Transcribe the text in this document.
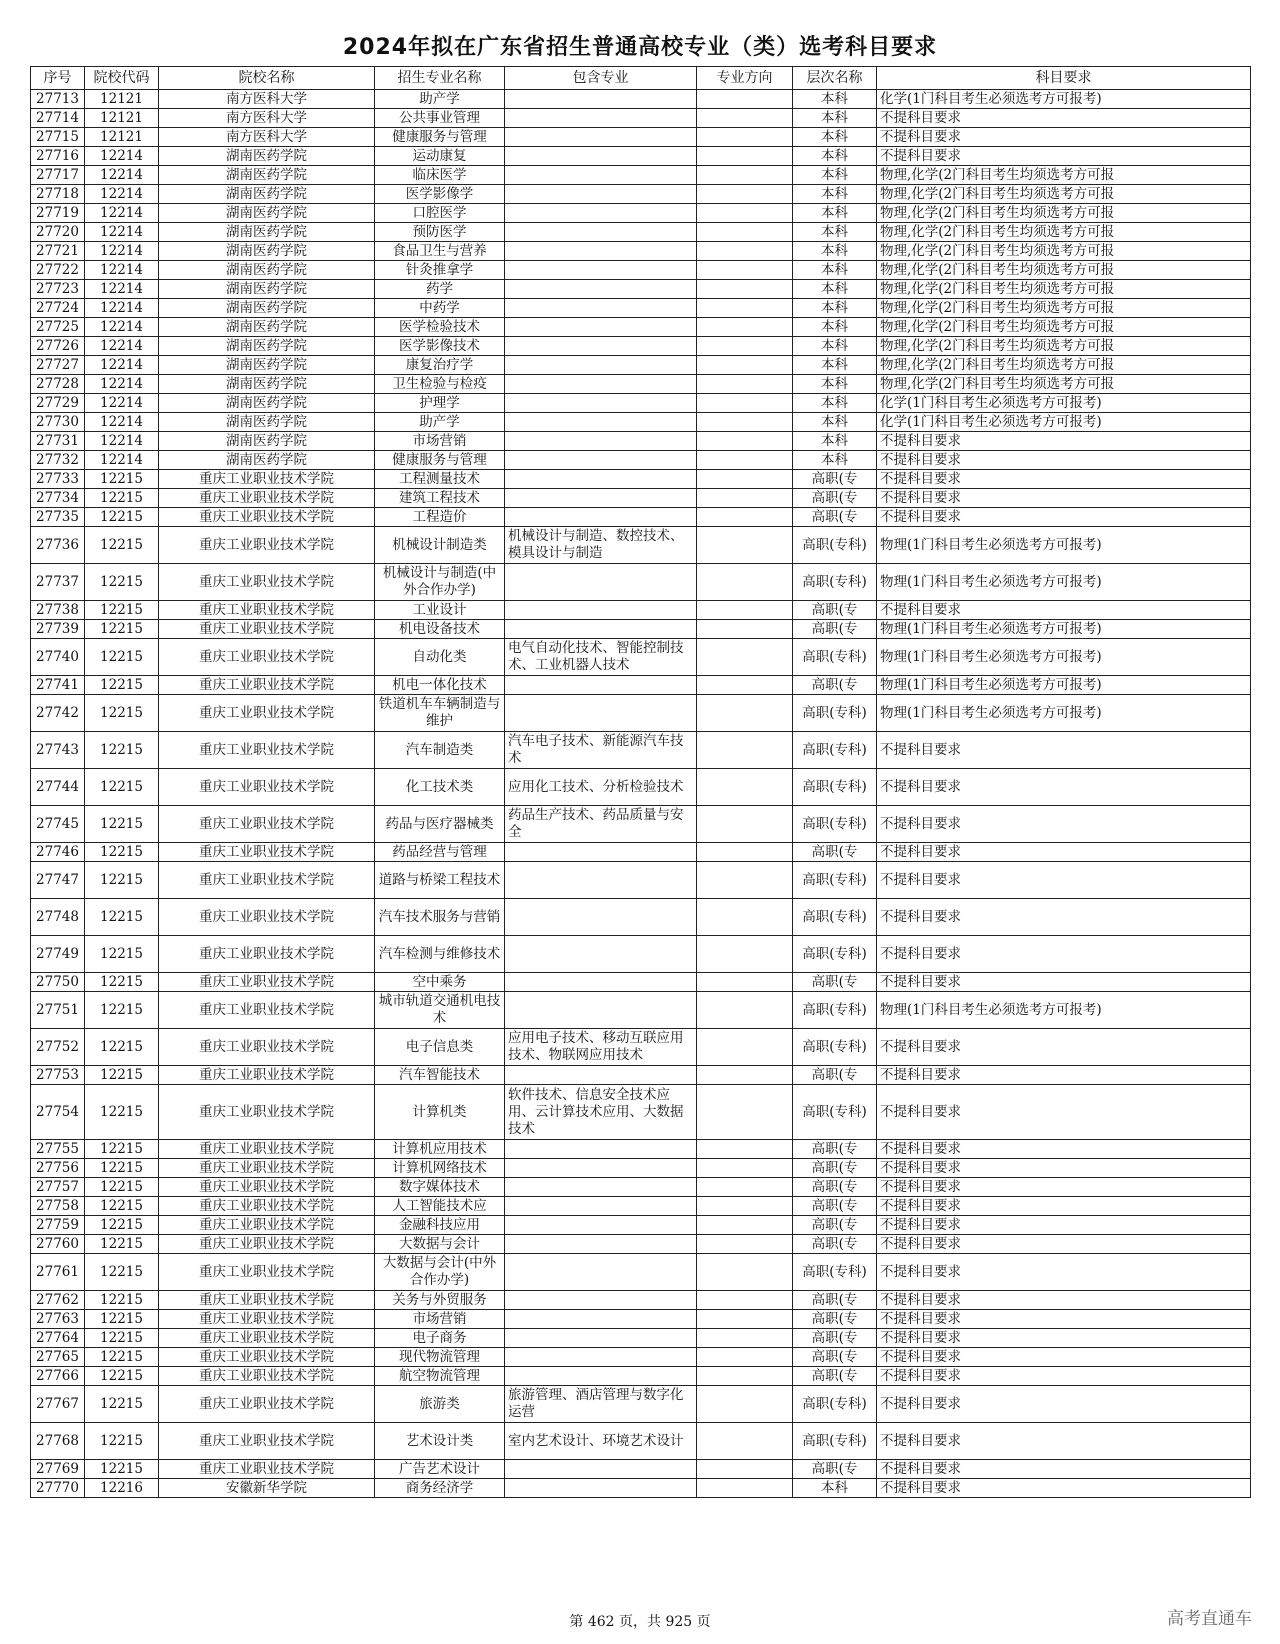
2024年拟在广东省招生普通高校专业（类）选考科目要求
序号	院校代码	院校名称	招生专业名称	包含专业	专业方向	层次名称	科目要求
27713	12121	南方医科大学	助产学			本科	化学(1门科目考生必须选考方可报考)
27714	12121	南方医科大学	公共事业管理			本科	不提科目要求
27715	12121	南方医科大学	健康服务与管理			本科	不提科目要求
27716	12214	湖南医药学院	运动康复			本科	不提科目要求
27717	12214	湖南医药学院	临床医学			本科	物理,化学(2门科目考生均须选考方可报
27718	12214	湖南医药学院	医学影像学			本科	物理,化学(2门科目考生均须选考方可报
27719	12214	湖南医药学院	口腔医学			本科	物理,化学(2门科目考生均须选考方可报
27720	12214	湖南医药学院	预防医学			本科	物理,化学(2门科目考生均须选考方可报
27721	12214	湖南医药学院	食品卫生与营养			本科	物理,化学(2门科目考生均须选考方可报
27722	12214	湖南医药学院	针灸推拿学			本科	物理,化学(2门科目考生均须选考方可报
27723	12214	湖南医药学院	药学			本科	物理,化学(2门科目考生均须选考方可报
27724	12214	湖南医药学院	中药学			本科	物理,化学(2门科目考生均须选考方可报
27725	12214	湖南医药学院	医学检验技术			本科	物理,化学(2门科目考生均须选考方可报
27726	12214	湖南医药学院	医学影像技术			本科	物理,化学(2门科目考生均须选考方可报
27727	12214	湖南医药学院	康复治疗学			本科	物理,化学(2门科目考生均须选考方可报
27728	12214	湖南医药学院	卫生检验与检疫			本科	物理,化学(2门科目考生均须选考方可报
27729	12214	湖南医药学院	护理学			本科	化学(1门科目考生必须选考方可报考)
27730	12214	湖南医药学院	助产学			本科	化学(1门科目考生必须选考方可报考)
27731	12214	湖南医药学院	市场营销			本科	不提科目要求
27732	12214	湖南医药学院	健康服务与管理			本科	不提科目要求
27733	12215	重庆工业职业技术学院	工程测量技术			高职(专	不提科目要求
27734	12215	重庆工业职业技术学院	建筑工程技术			高职(专	不提科目要求
27735	12215	重庆工业职业技术学院	工程造价			高职(专	不提科目要求
27736	12215	重庆工业职业技术学院	机械设计制造类	机械设计与制造、数控技术、模具设计与制造		高职(专科)	物理(1门科目考生必须选考方可报考)
27737	12215	重庆工业职业技术学院	机械设计与制造(中外合作办学)			高职(专科)	物理(1门科目考生必须选考方可报考)
27738	12215	重庆工业职业技术学院	工业设计			高职(专	不提科目要求
27739	12215	重庆工业职业技术学院	机电设备技术			高职(专	物理(1门科目考生必须选考方可报考)
27740	12215	重庆工业职业技术学院	自动化类	电气自动化技术、智能控制技术、工业机器人技术		高职(专科)	物理(1门科目考生必须选考方可报考)
27741	12215	重庆工业职业技术学院	机电一体化技术			高职(专	物理(1门科目考生必须选考方可报考)
27742	12215	重庆工业职业技术学院	铁道机车车辆制造与维护			高职(专科)	物理(1门科目考生必须选考方可报考)
27743	12215	重庆工业职业技术学院	汽车制造类	汽车电子技术、新能源汽车技术		高职(专科)	不提科目要求
27744	12215	重庆工业职业技术学院	化工技术类	应用化工技术、分析检验技术		高职(专科)	不提科目要求
27745	12215	重庆工业职业技术学院	药品与医疗器械类	药品生产技术、药品质量与安全		高职(专科)	不提科目要求
27746	12215	重庆工业职业技术学院	药品经营与管理			高职(专	不提科目要求
27747	12215	重庆工业职业技术学院	道路与桥梁工程技术			高职(专科)	不提科目要求
27748	12215	重庆工业职业技术学院	汽车技术服务与营销			高职(专科)	不提科目要求
27749	12215	重庆工业职业技术学院	汽车检测与维修技术			高职(专科)	不提科目要求
27750	12215	重庆工业职业技术学院	空中乘务			高职(专	不提科目要求
27751	12215	重庆工业职业技术学院	城市轨道交通机电技术			高职(专科)	物理(1门科目考生必须选考方可报考)
27752	12215	重庆工业职业技术学院	电子信息类	应用电子技术、移动互联应用技术、物联网应用技术		高职(专科)	不提科目要求
27753	12215	重庆工业职业技术学院	汽车智能技术			高职(专	不提科目要求
27754	12215	重庆工业职业技术学院	计算机类	软件技术、信息安全技术应用、云计算技术应用、大数据技术		高职(专科)	不提科目要求
27755	12215	重庆工业职业技术学院	计算机应用技术			高职(专	不提科目要求
27756	12215	重庆工业职业技术学院	计算机网络技术			高职(专	不提科目要求
27757	12215	重庆工业职业技术学院	数字媒体技术			高职(专	不提科目要求
27758	12215	重庆工业职业技术学院	人工智能技术应			高职(专	不提科目要求
27759	12215	重庆工业职业技术学院	金融科技应用			高职(专	不提科目要求
27760	12215	重庆工业职业技术学院	大数据与会计			高职(专	不提科目要求
27761	12215	重庆工业职业技术学院	大数据与会计(中外合作办学)			高职(专科)	不提科目要求
27762	12215	重庆工业职业技术学院	关务与外贸服务			高职(专	不提科目要求
27763	12215	重庆工业职业技术学院	市场营销			高职(专	不提科目要求
27764	12215	重庆工业职业技术学院	电子商务			高职(专	不提科目要求
27765	12215	重庆工业职业技术学院	现代物流管理			高职(专	不提科目要求
27766	12215	重庆工业职业技术学院	航空物流管理			高职(专	不提科目要求
27767	12215	重庆工业职业技术学院	旅游类	旅游管理、酒店管理与数字化运营		高职(专科)	不提科目要求
27768	12215	重庆工业职业技术学院	艺术设计类	室内艺术设计、环境艺术设计		高职(专科)	不提科目要求
27769	12215	重庆工业职业技术学院	广告艺术设计			高职(专	不提科目要求
27770	12216	安徽新华学院	商务经济学			本科	不提科目要求
第 462 页，共 925 页	高考直通车
